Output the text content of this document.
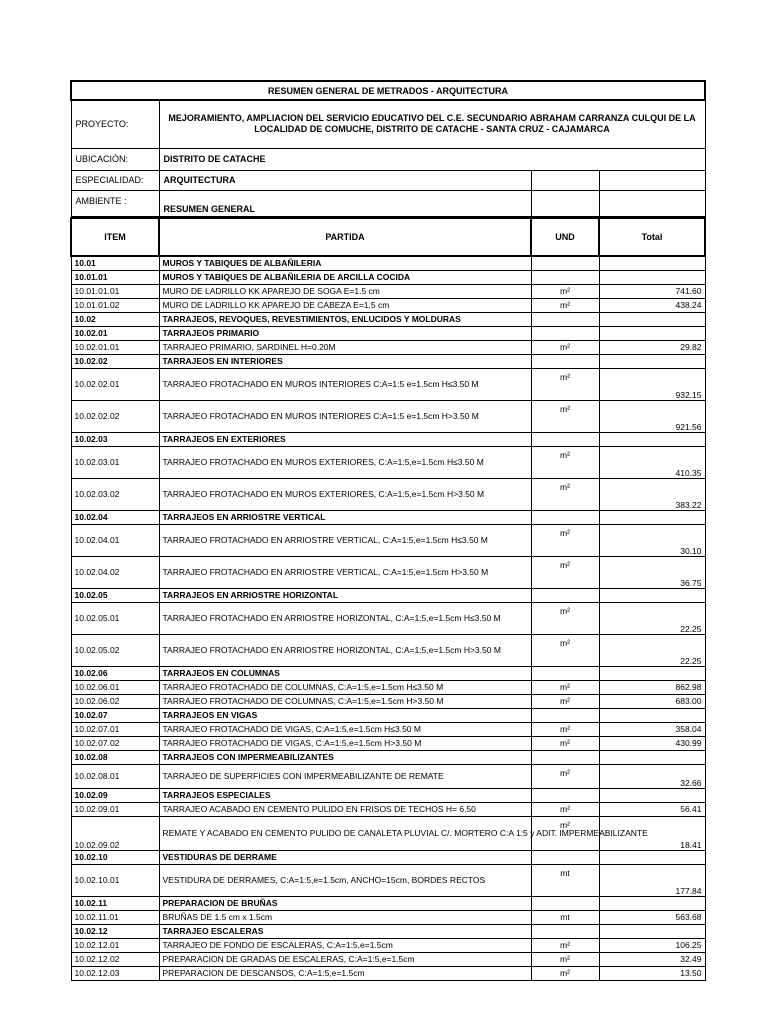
RESUMEN GENERAL DE METRADOS - ARQUITECTURA			
PROYECTO:	MEJORAMIENTO, AMPLIACION DEL SERVICIO EDUCATIVO DEL C.E. SECUNDARIO ABRAHAM CARRANZA CULQUI DE LA LOCALIDAD DE COMUCHE, DISTRITO DE CATACHE - SANTA CRUZ - CAJAMARCA		
UBICACIÓN:	DISTRITO DE CATACHE		
ESPECIALIDAD:	ARQUITECTURA		
AMBIENTE :	RESUMEN GENERAL		
ITEM	PARTIDA	UND	Total
10.01	MUROS Y TABIQUES DE ALBAÑILERIA		
10.01.01	MUROS Y TABIQUES DE ALBAÑILERIA DE ARCILLA COCIDA		
10.01.01.01	MURO DE LADRILLO KK APAREJO DE SOGA E=1.5 cm	m²	741.60
10.01.01.02	MURO DE LADRILLO KK APAREJO DE CABEZA E=1.5 cm	m²	438.24
10.02	TARRAJEOS, REVOQUES, REVESTIMIENTOS, ENLUCIDOS Y MOLDURAS		
10.02.01	TARRAJEOS PRIMARIO		
10.02.01.01	TARRAJEO PRIMARIO, SARDINEL H=0.20M	m²	29.82
10.02.02	TARRAJEOS EN INTERIORES		
10.02.02.01	TARRAJEO FROTACHADO EN MUROS INTERIORES C:A=1:5 e=1.5cm H≤3.50 M	m²	932.15
10.02.02.02	TARRAJEO FROTACHADO EN MUROS INTERIORES C:A=1:5 e=1.5cm H>3.50 M	m²	921.56
10.02.03	TARRAJEOS EN EXTERIORES		
10.02.03.01	TARRAJEO FROTACHADO EN MUROS EXTERIORES, C:A=1:5,e=1.5cm H≤3.50 M	m²	410.35
10.02.03.02	TARRAJEO FROTACHADO EN MUROS EXTERIORES, C:A=1:5,e=1.5cm H>3.50 M	m²	383.22
10.02.04	TARRAJEOS EN ARRIOSTRE VERTICAL		
10.02.04.01	TARRAJEO FROTACHADO EN ARRIOSTRE VERTICAL, C:A=1:5,e=1.5cm H≤3.50 M	m²	30.10
10.02.04.02	TARRAJEO FROTACHADO EN ARRIOSTRE VERTICAL, C:A=1:5,e=1.5cm H>3.50 M	m²	36.75
10.02.05	TARRAJEOS EN ARRIOSTRE HORIZONTAL		
10.02.05.01	TARRAJEO FROTACHADO EN ARRIOSTRE HORIZONTAL, C:A=1:5,e=1.5cm H≤3.50 M	m²	22.25
10.02.05.02	TARRAJEO FROTACHADO EN ARRIOSTRE HORIZONTAL, C:A=1:5,e=1.5cm H>3.50 M	m²	22.25
10.02.06	TARRAJEOS EN COLUMNAS		
10.02.06.01	TARRAJEO FROTACHADO DE COLUMNAS, C:A=1:5,e=1.5cm H≤3.50 M	m²	862.98
10.02.06.02	TARRAJEO FROTACHADO DE COLUMNAS, C:A=1:5,e=1.5cm H>3.50 M	m²	683.00
10.02.07	TARRAJEOS EN VIGAS		
10.02.07.01	TARRAJEO FROTACHADO DE VIGAS, C:A=1:5,e=1.5cm H≤3.50 M	m²	358.04
10.02.07.02	TARRAJEO FROTACHADO DE VIGAS, C:A=1:5,e=1.5cm H>3.50 M	m²	430.99
10.02.08	TARRAJEOS CON IMPERMEABILIZANTES		
10.02.08.01	TARRAJEO DE SUPERFICIES CON IMPERMEABILIZANTE DE REMATE	m²	32.66
10.02.09	TARRAJEOS ESPECIALES		
10.02.09.01	TARRAJEO ACABADO EN CEMENTO PULIDO EN FRISOS DE TECHOS H= 6.50	m²	56.41
10.02.09.02	REMATE Y ACABADO EN CEMENTO PULIDO DE CANALETA PLUVIAL C/. MORTERO C:A 1:5 y ADIT. IMPERMEABILIZANTE	m²	18.41
10.02.10	VESTIDURAS DE DERRAME		
10.02.10.01	VESTIDURA DE DERRAMES, C:A=1:5,e=1.5cm, ANCHO=15cm, BORDES RECTOS	mt	177.84
10.02.11	PREPARACION DE BRUÑAS		
10.02.11.01	BRUÑAS DE 1.5 cm x 1.5cm	mt	563.68
10.02.12	TARRAJEO ESCALERAS		
10.02.12.01	TARRAJEO DE FONDO DE ESCALERAS, C:A=1:5,e=1.5cm	m²	106.25
10.02.12.02	PREPARACION DE GRADAS DE ESCALERAS, C:A=1:5,e=1.5cm	m²	32.49
10.02.12.03	PREPARACION DE DESCANSOS, C:A=1:5,e=1.5cm	m²	13.50
